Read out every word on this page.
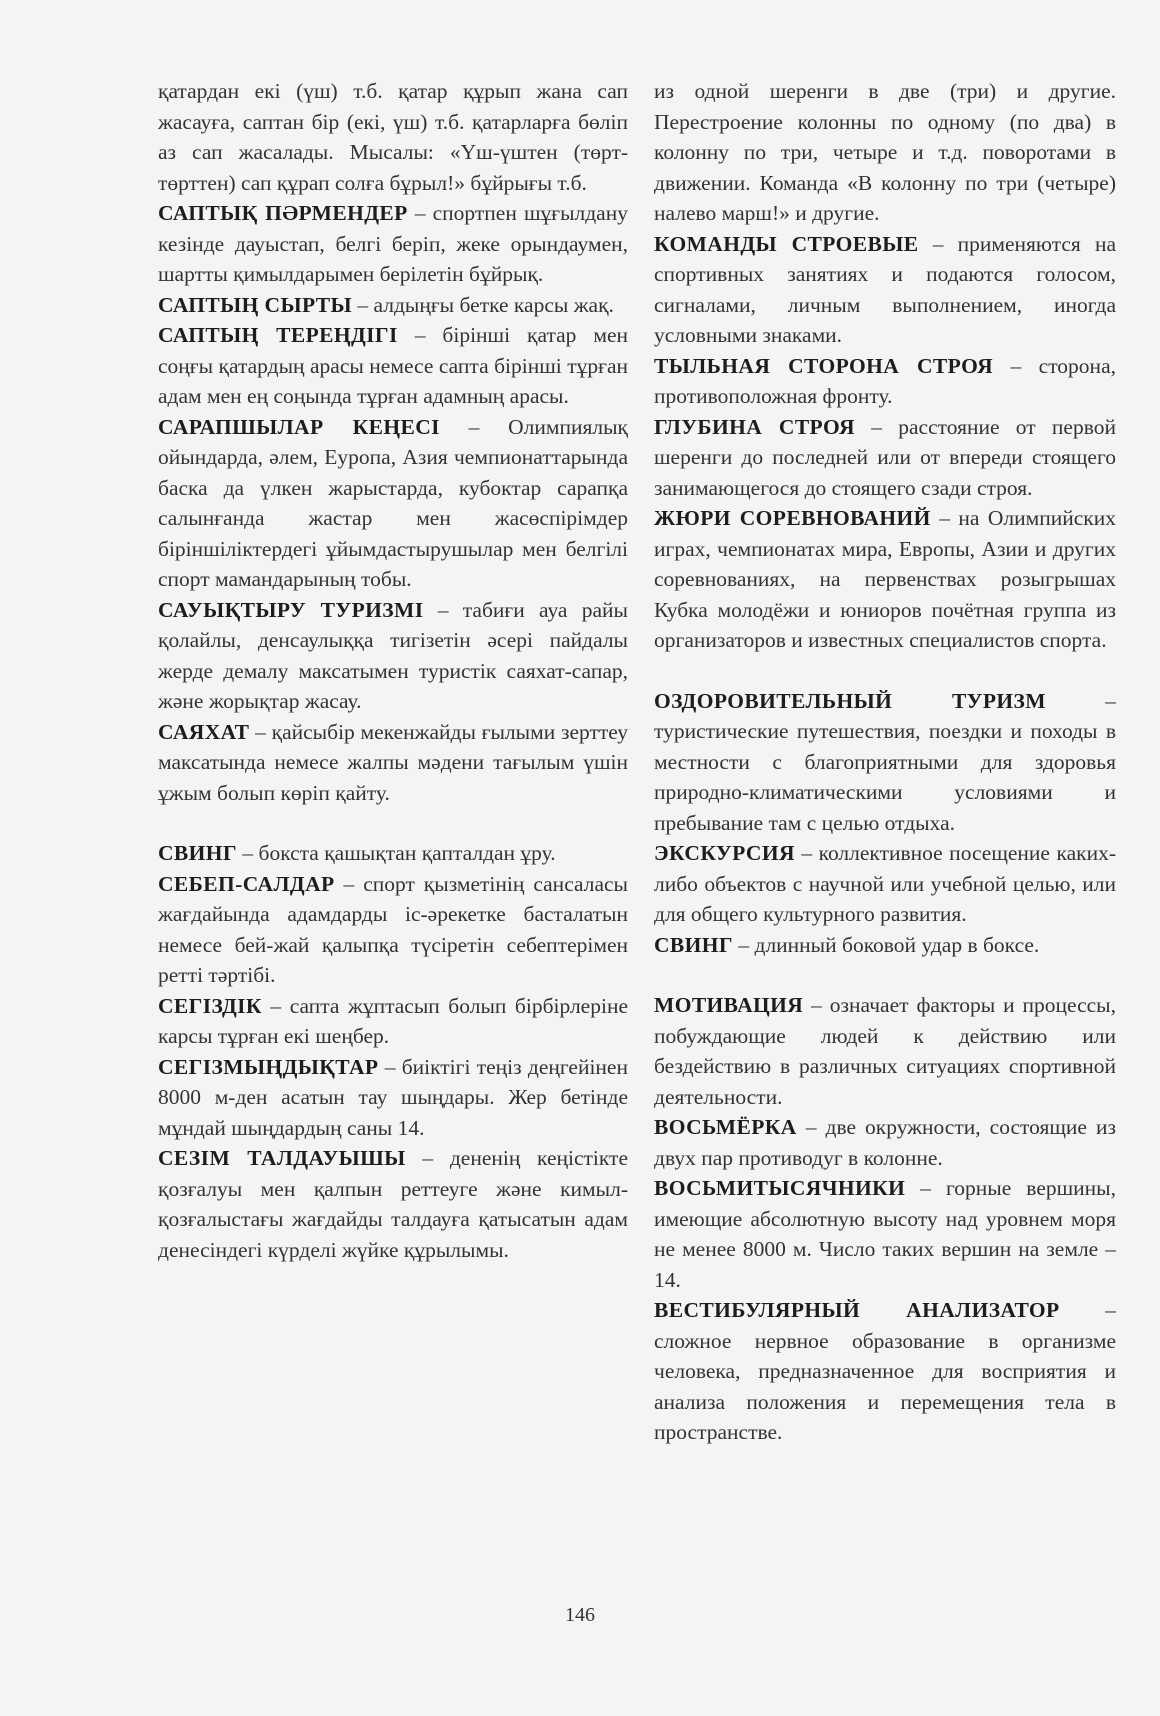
қатардан екі (үш) т.б. қатар құрып жана сап жасауға, саптан бір (екі, үш) т.б. қатарларға бөліп аз сап жасалады. Мысалы: «Үш-үштен (төрт-төрттен) сап құрап солға бұрыл!» бұйрығы т.б.

САПТЫҚ ПӘРМЕНДЕР – спортпен шұғылдану кезінде дауыстап, белгі беріп, жеке орындаумен, шартты қимылдарымен берілетін бұйрық.

САПТЫҢ СЫРТЫ – алдыңғы бетке карсы жақ.

САПТЫҢ ТЕРЕҢДІГІ – бірінші қатар мен соңғы қатардың арасы немесе сапта бірінші тұрған адам мен ең соңында тұрған адамның арасы.

САРАПШЫЛАР КЕҢЕСІ – Олимпиялық ойындарда, әлем, Еуропа, Азия чемпионаттарында баска да үлкен жарыстарда, кубоктар сарапқа салынғанда жастар мен жасөспірімдер біріншіліктердегі ұйымдастырушылар мен белгілі спорт мамандарының тобы.

САУЫҚТЫРУ ТУРИЗМІ – табиғи ауа райы қолайлы, денсаулыққа тигізетін әсері пайдалы жерде демалу максатымен туристік саяхат-сапар, және жорықтар жасау.

САЯХАТ – қайсыбір мекенжайды ғылыми зерттеу максатында немесе жалпы мәдени тағылым үшін ұжым болып көріп қайту.

СВИНГ – бокста қашықтан қапталдан ұру.

СЕБЕП-САЛДАР – спорт қызметінің сансаласы жағдайында адамдарды іс-әрекетке басталатын немесе бей-жай қалыпқа түсіретін себептерімен ретті тәртібі.

СЕГІЗДІК – сапта жұптасып болып бірбірлеріне карсы тұрған екі шеңбер.

СЕГІЗМЫҢДЫҚТАР – биіктігі теңіз деңгейінен 8000 м-ден асатын тау шыңдары. Жер бетінде мұндай шыңдардың саны 14.

СЕЗІМ ТАЛДАУЫШЫ – дененің кеңістікте қозғалуы мен қалпын реттеуге және кимыл-қозғалыстағы жағдайды талдауға қатысатын адам денесіндегі күрделі жүйке құрылымы.

из одной шеренги в две (три) и другие. Перестроение колонны по одному (по два) в колонну по три, четыре и т.д. поворотами в движении. Команда «В колонну по три (четыре) налево марш!» и другие.

КОМАНДЫ СТРОЕВЫЕ – применяются на спортивных занятиях и подаются голосом, сигналами, личным выполнением, иногда условными знаками.

ТЫЛЬНАЯ СТОРОНА СТРОЯ – сторона, противоположная фронту.

ГЛУБИНА СТРОЯ – расстояние от первой шеренги до последней или от впереди стоящего занимающегося до стоящего сзади строя.

ЖЮРИ СОРЕВНОВАНИЙ – на Олимпийских играх, чемпионатах мира, Европы, Азии и других соревнованиях, на первенствах розыгрышах Кубка молодёжи и юниоров почётная группа из организаторов и известных специалистов спорта.

ОЗДОРОВИТЕЛЬНЫЙ ТУРИЗМ – туристические путешествия, поездки и походы в местности с благоприятными для здоровья природно-климатическими условиями и пребывание там с целью отдыха.

ЭКСКУРСИЯ – коллективное посещение каких-либо объектов с научной или учебной целью, или для общего культурного развития.

СВИНГ – длинный боковой удар в боксе.

МОТИВАЦИЯ – означает факторы и процессы, побуждающие людей к действию или бездействию в различных ситуациях спортивной деятельности.

ВОСЬМЁРКА – две окружности, состоящие из двух пар противодуг в колонне.

ВОСЬМИТЫСЯЧНИКИ – горные вершины, имеющие абсолютную высоту над уровнем моря не менее 8000 м. Число таких вершин на земле – 14.

ВЕСТИБУЛЯРНЫЙ АНАЛИЗАТОР – сложное нервное образование в организме человека, предназначенное для восприятия и анализа положения и перемещения тела в пространстве.

146
